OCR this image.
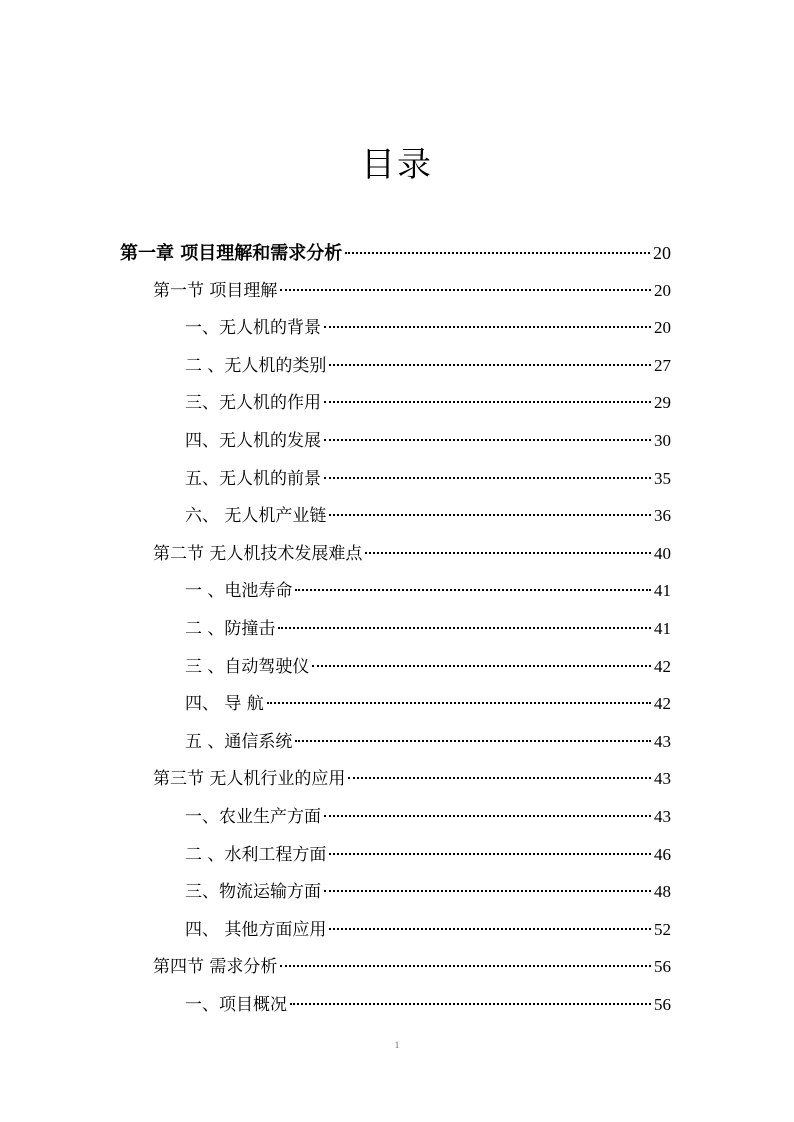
目录
第一章 项目理解和需求分析	20
第一节 项目理解	20
一、无人机的背景	20
二 、无人机的类别	27
三、无人机的作用	29
四、无人机的发展	30
五、无人机的前景	35
六、 无人机产业链	36
第二节 无人机技术发展难点	40
一 、电池寿命	41
二 、防撞击	41
三 、自动驾驶仪	42
四、 导 航	42
五 、通信系统	43
第三节 无人机行业的应用	43
一、农业生产方面	43
二 、水利工程方面	46
三、物流运输方面	48
四、 其他方面应用	52
第四节 需求分析	56
一、项目概况	56
1
